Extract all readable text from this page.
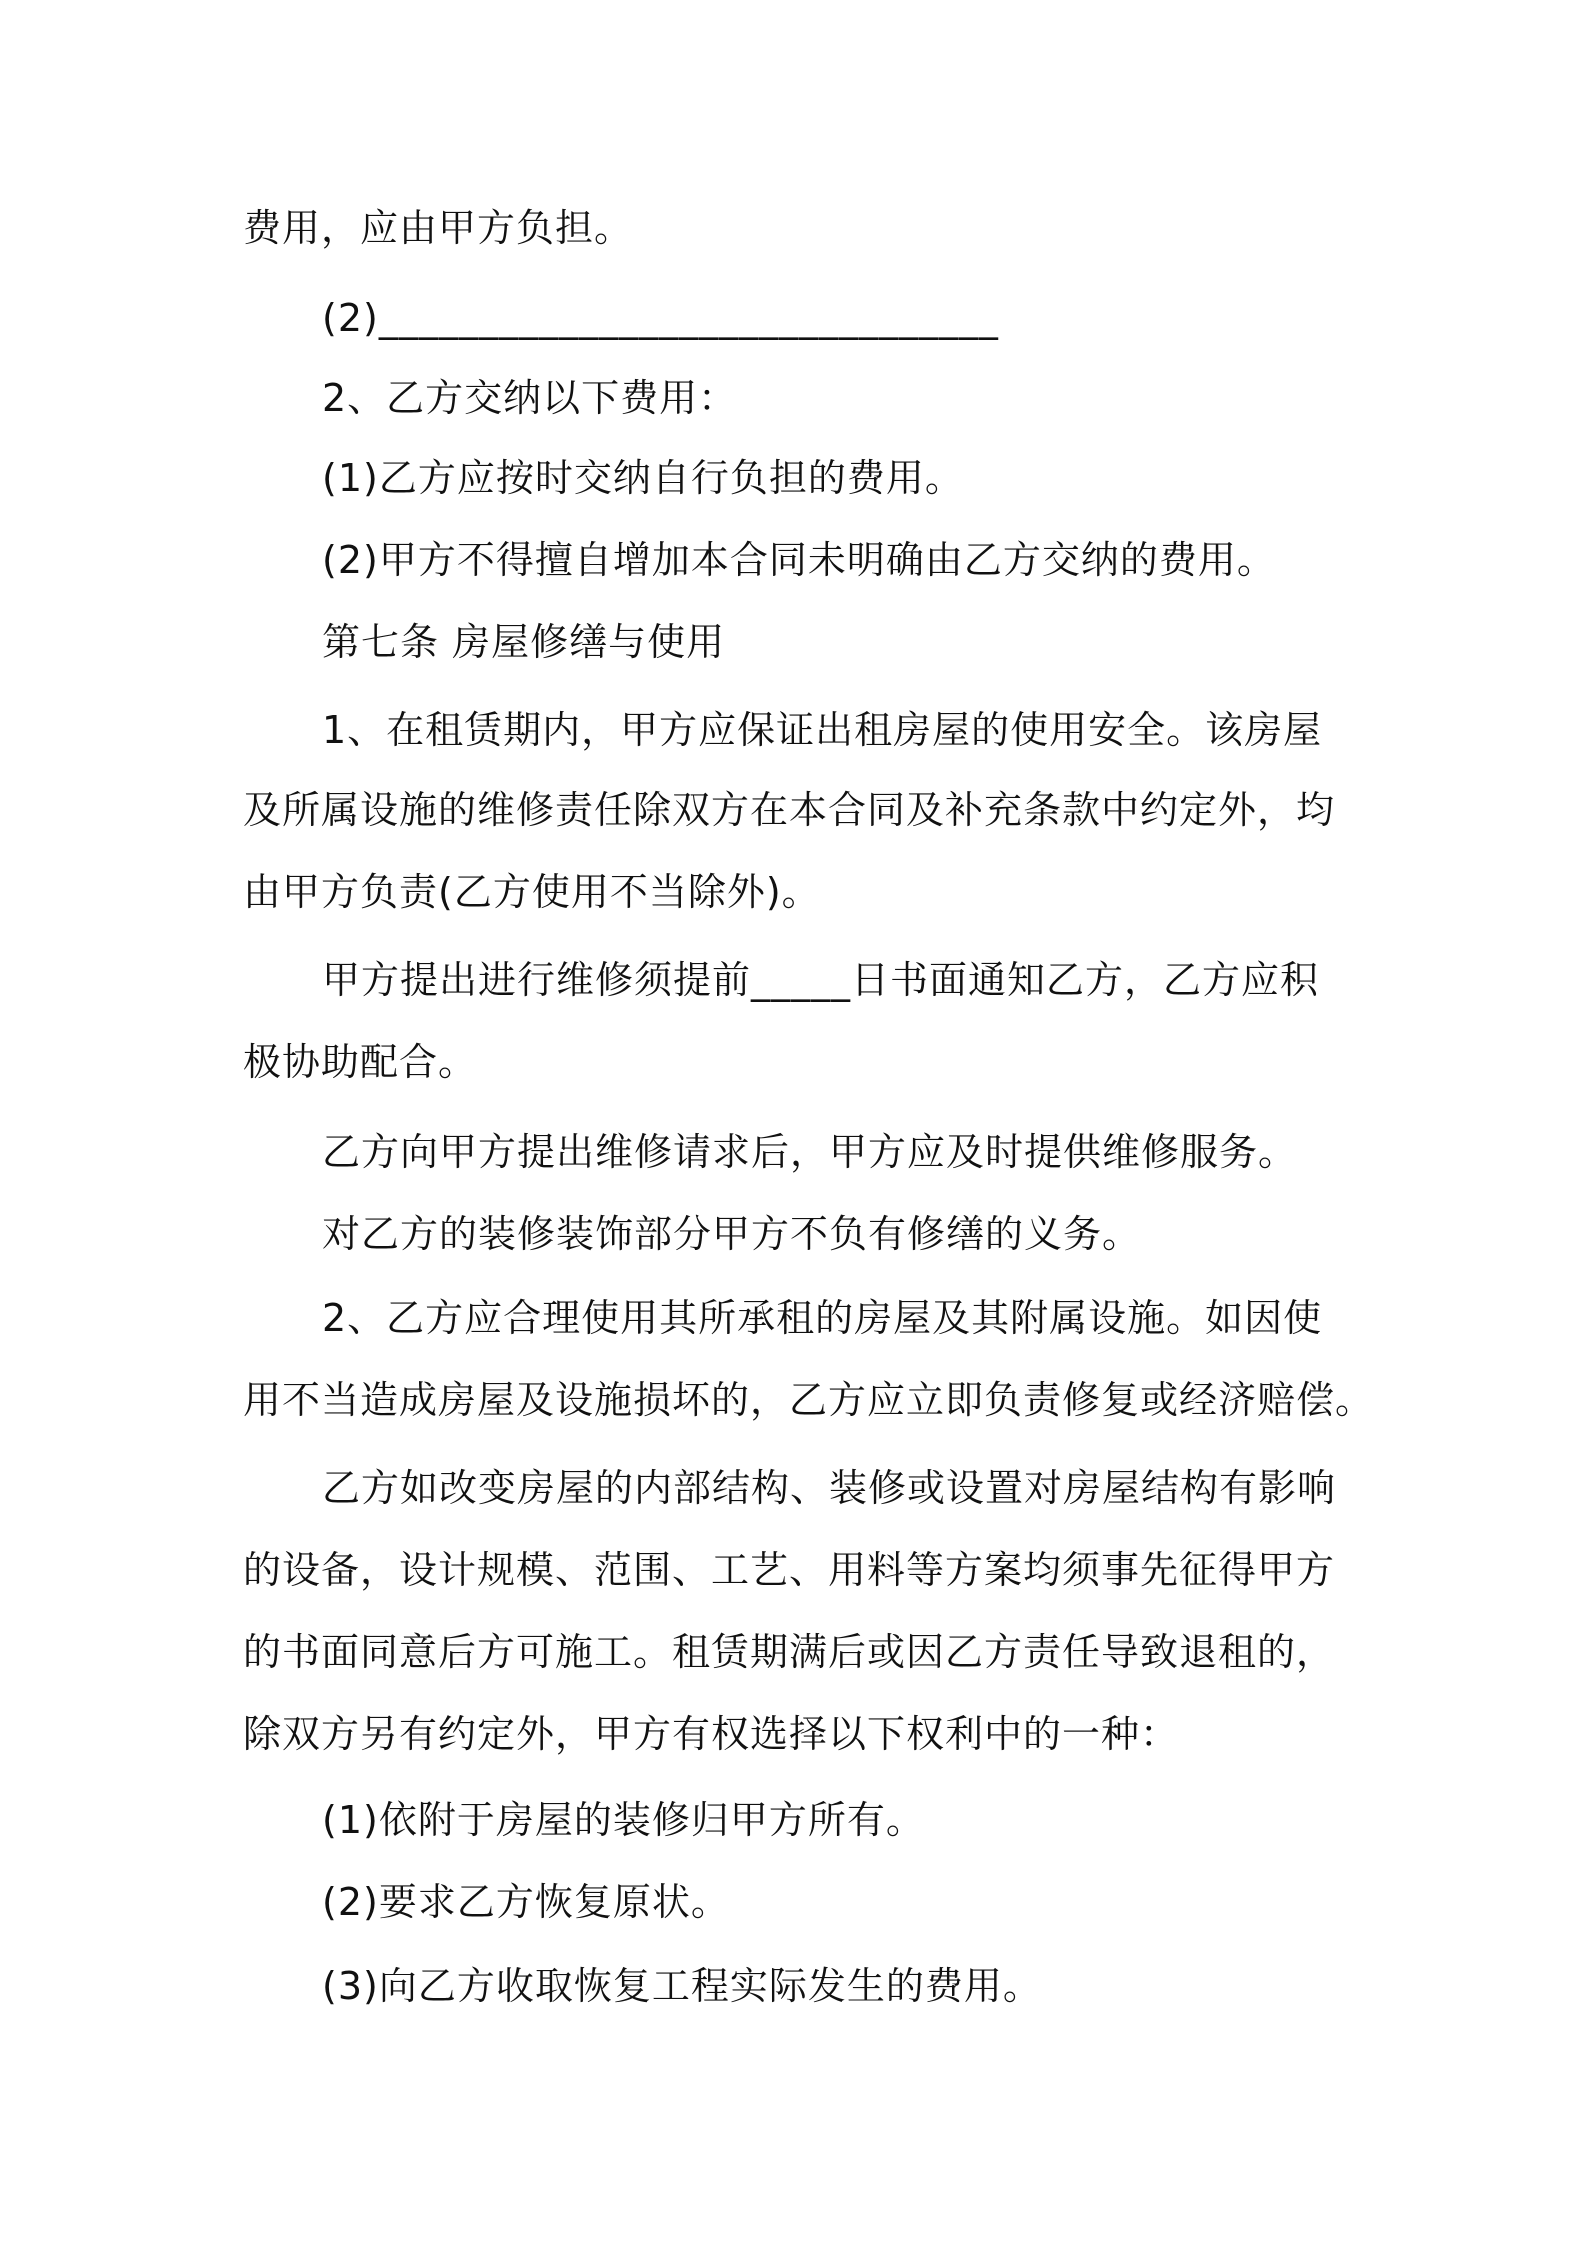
费用，应由甲方负担。
(2)_______________________________
2、乙方交纳以下费用：
(1)乙方应按时交纳自行负担的费用。
(2)甲方不得擅自增加本合同未明确由乙方交纳的费用。
第七条 房屋修缮与使用
1、在租赁期内，甲方应保证出租房屋的使用安全。该房屋
及所属设施的维修责任除双方在本合同及补充条款中约定外，均
由甲方负责(乙方使用不当除外)。
甲方提出进行维修须提前_____日书面通知乙方，乙方应积
极协助配合。
乙方向甲方提出维修请求后，甲方应及时提供维修服务。
对乙方的装修装饰部分甲方不负有修缮的义务。
2、乙方应合理使用其所承租的房屋及其附属设施。如因使
用不当造成房屋及设施损坏的，乙方应立即负责修复或经济赔偿。
乙方如改变房屋的内部结构、装修或设置对房屋结构有影响
的设备，设计规模、范围、工艺、用料等方案均须事先征得甲方
的书面同意后方可施工。租赁期满后或因乙方责任导致退租的，
除双方另有约定外，甲方有权选择以下权利中的一种：
(1)依附于房屋的装修归甲方所有。
(2)要求乙方恢复原状。
(3)向乙方收取恢复工程实际发生的费用。
